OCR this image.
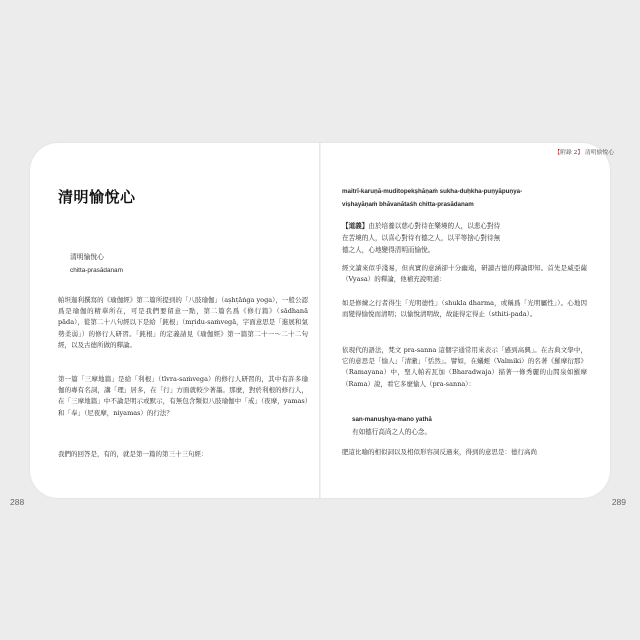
【附錄 2】 清明愉悅心
清明愉悅心
清明愉悅心
chitta-prasādanam
帕坦迦利撰寫的《瑜伽經》第二篇所提到的「八肢瑜伽」（aṣhṭāṅga yoga），一般公認爲是瑜伽的精華所在，可是我們要留意一點，第二篇名爲《修行篇》（sādhanā pāda），從第二十八句經以下是給「鈍根」（mṛidu-saṁvegā，字面意思是「進展和氣勢柔弱」）的修行人研習。「鈍根」的定義請見《瑜伽經》第一篇第二十一～二十二句經，以及古德所做的釋論。
第一篇「三摩地篇」是給「利根」（tīvra-saṁvega）的修行人研習的，其中有許多瑜伽的專有名詞，講「理」居多，在「行」方面就較少著墨。那麼，對於利根的修行人，在「三摩地篇」中不論是明示或默示，有無包含類似八肢瑜伽中「戒」（夜摩，yamas）和「奉」（尼夜摩，niyamas）的行法？
我們的回答是，有的，就是第一篇的第三十三句經：
maitrī-karuṇā-muditopekṣhāṇaṁ sukha-duḥkha-puṇyāpuṇya-
viṣhayāṇaṁ bhāvanātaśh chitta-prasādanam
【道義】由於培養以慈心對待在樂境的人，以悲心對待
在苦境的人，以喜心對待有德之人，以平等捨心對待無
德之人，心地變得清明而愉悅。
經文讀來似乎淺易，但真實的意涵卻十分幽遠，研讀古德的釋論即知。首先是威亞薩（Vyasa）的釋論，他補充說明道：
如是修練之行者得生「光明德性」（shukla dharma，或稱爲「光明屬性」）。心地因而變得愉悅而清明；以愉悅清明故，故能得定得止（sthiti-pada）。
依現代的語法，梵文 pra-sanna 這個字通常用來表示「感到高興」。在古典文學中，它的意思是「愉人」「清澈」「恬然」。譬如，在蟻蛭（Valmiki）的名著《羅摩衍那》（Ramayana）中，聖人帕若瓦加（Bharadwaja）描著一條秀麗的山間泉如羅摩（Rama）說，看它多麼愉人（pra-sanna）：
san-manuṣhya-mano yathā
有如德行高尚之人的心念。
肥這比喻的相似詞以及相似形容詞反過來，得到的意思是：德行高尚
288	289
